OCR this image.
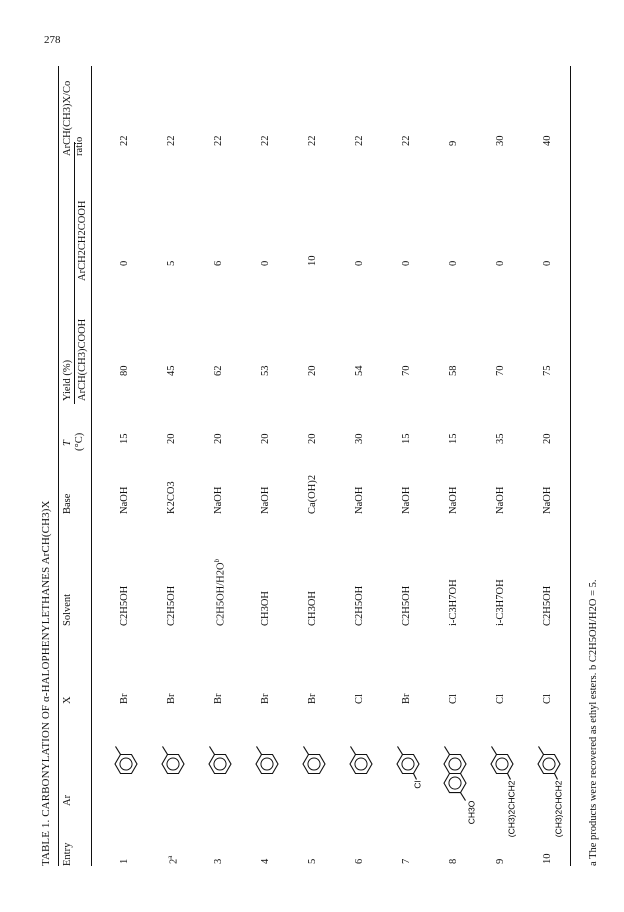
278
TABLE 1. CARBONYLATION OF α-HALOPHENYLETHANES ArCH(CH3)X Entry
Ar
X
Solvent
Base
T (°C)
Yield (%) ArCH(CH3)COOH
ArCH2CH2COOH
ArCH(CH3)X/Co ratio
1
Br
C2H5OH
NaOH
15
80
0
22
2$^a$
Br
C2H5OH
K2CO3
20
45
5
22
3
Br
$C2H5OH/H2O^b$
NaOH
20
62
6
22
4
Br
CH3OH
NaOH
20
53
0
22
5
Br
CH3OH
Ca(OH)2
20
20
10
22
6
Cl
C2H5OH
NaOH
30
54
0
22
7
Br
C2H5OH
NaOH
15
70
0
22
Cl
8
Cl
i-C3H7OH
NaOH
15
58
0
9
CH3O
9
Cl
i-C3H7OH
NaOH
35
70
0
30
(CH3)2CHCH2
10
Cl
C2H5OH
NaOH
20
75
0
40
(CH3)2CHCH2 a The products were recovered as ethyl esters. b C2H5OH/H2O = 5.
